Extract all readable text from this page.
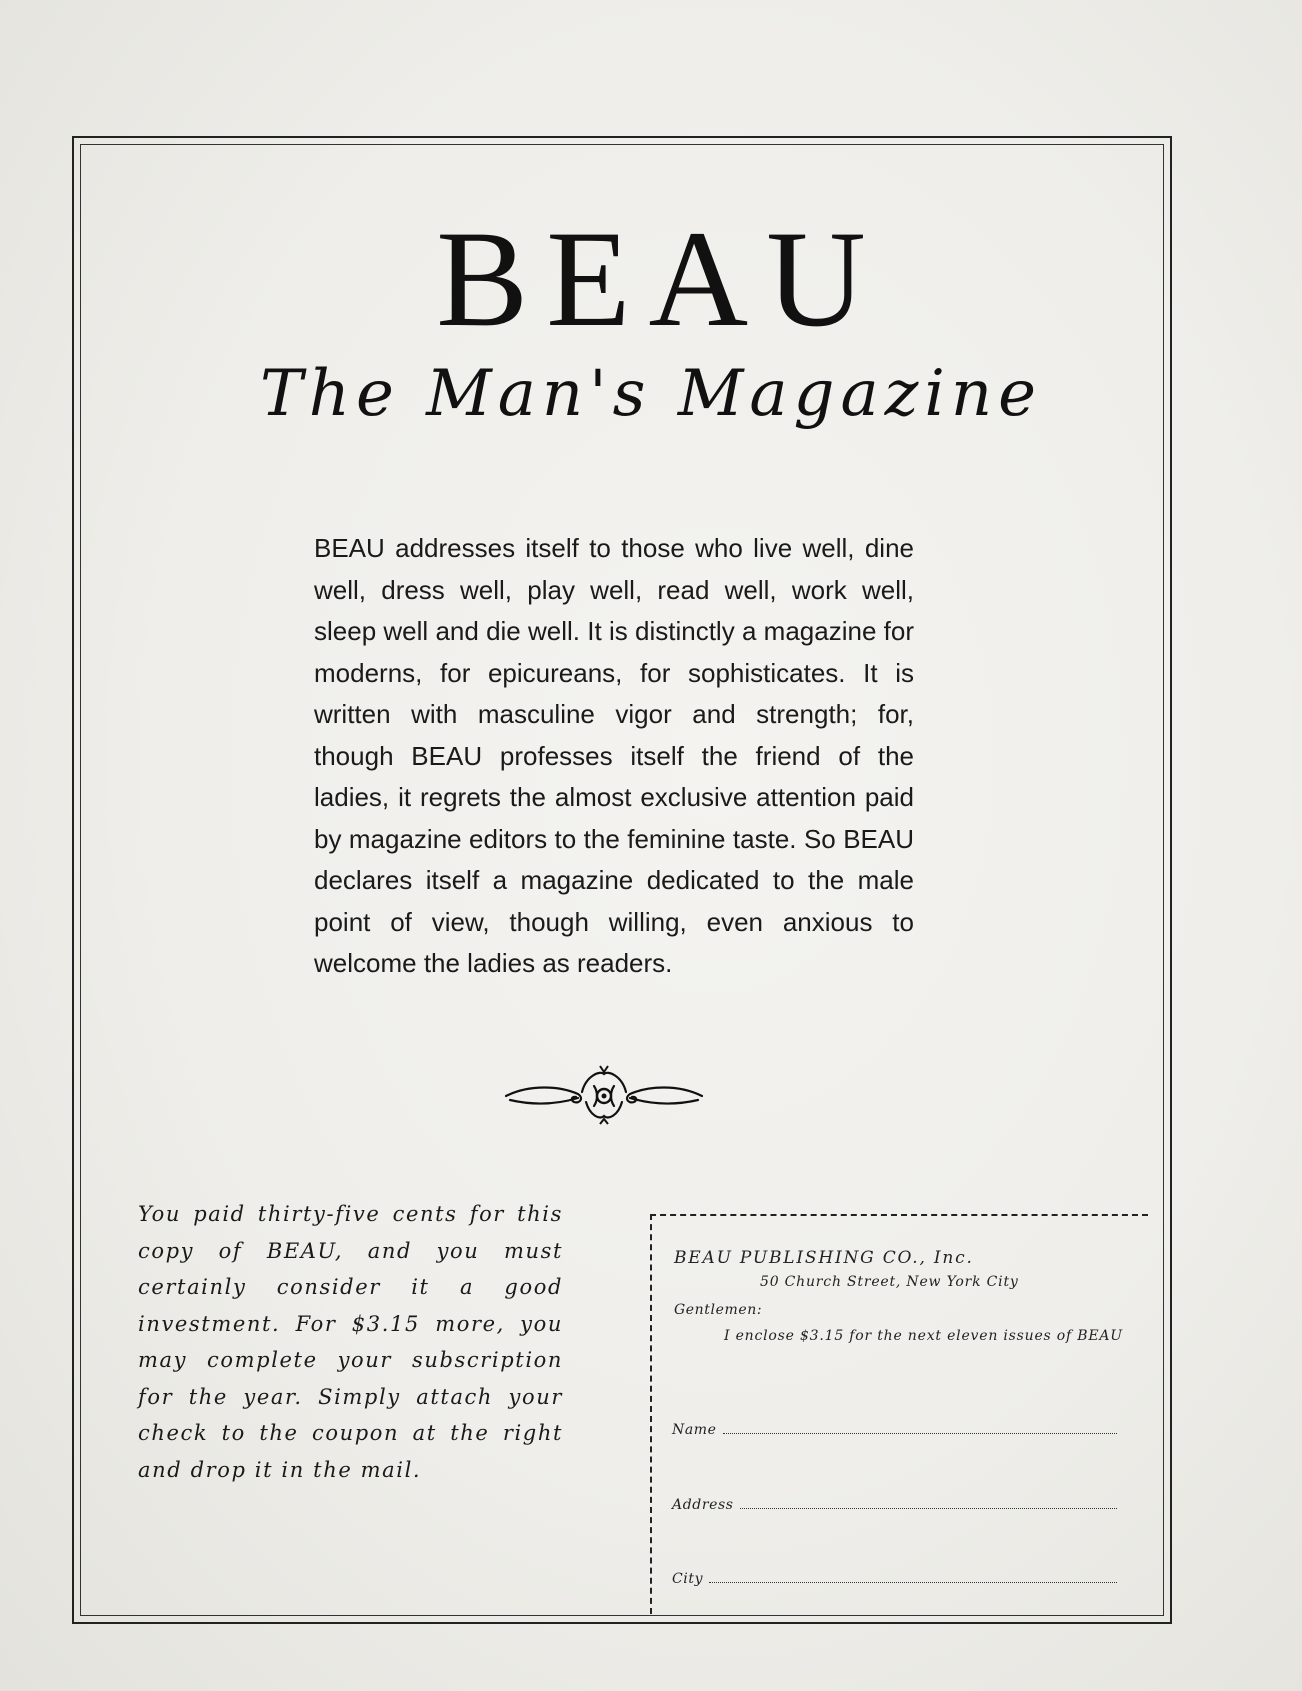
BEAU
The Man's Magazine
BEAU addresses itself to those who live well, dine well, dress well, play well, read well, work well, sleep well and die well. It is distinctly a magazine for moderns, for epicureans, for sophisticates. It is written with masculine vigor and strength; for, though BEAU professes itself the friend of the ladies, it regrets the almost exclusive attention paid by magazine editors to the feminine taste. So BEAU declares itself a magazine dedicated to the male point of view, though willing, even anxious to welcome the ladies as readers.
You paid thirty-five cents for this copy of BEAU, and you must certainly consider it a good investment. For $3.15 more, you may complete your subscription for the year. Simply attach your check to the coupon at the right and drop it in the mail.
BEAU PUBLISHING CO., Inc.
50 Church Street, New York City
Gentlemen:
I enclose $3.15 for the next eleven issues of BEAU
Name
Address
City
